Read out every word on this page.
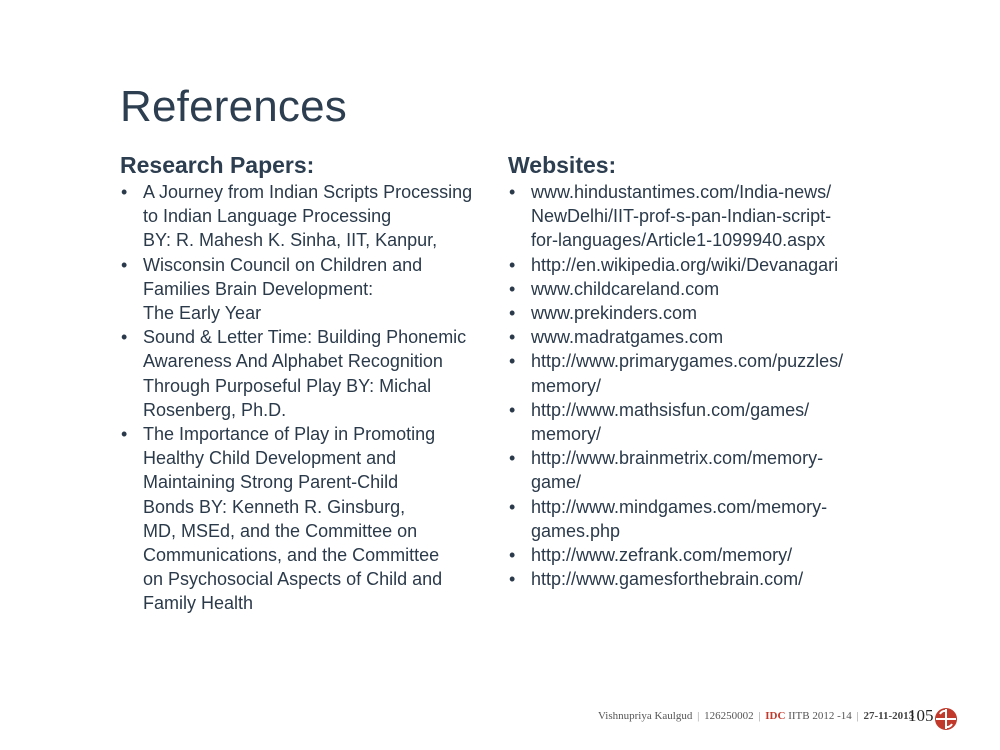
References
Research Papers:
• A Journey from Indian Scripts Processing
to Indian Language Processing
BY: R. Mahesh K. Sinha, IIT, Kanpur,
• Wisconsin Council on Children and
Families Brain Development:
The Early Year
• Sound & Letter Time: Building Phonemic
Awareness And Alphabet Recognition
Through Purposeful Play BY: Michal
Rosenberg, Ph.D.
• The Importance of Play in Promoting
Healthy Child Development and
Maintaining Strong Parent-Child
Bonds BY: Kenneth R. Ginsburg,
MD, MSEd, and the Committee on
Communications, and the Committee
on Psychosocial Aspects of Child and
Family Health
Websites:
• www.hindustantimes.com/India-news/
NewDelhi/IIT-prof-s-pan-Indian-script-
for-languages/Article1-1099940.aspx
• http://en.wikipedia.org/wiki/Devanagari
• www.childcareland.com
• www.prekinders.com
• www.madratgames.com
• http://www.primarygames.com/puzzles/
memory/
• http://www.mathsisfun.com/games/
memory/
• http://www.brainmetrix.com/memory-
game/
• http://www.mindgames.com/memory-
games.php
• http://www.zefrank.com/memory/
• http://www.gamesforthebrain.com/
Vishnupriya Kaulgud | 126250002 | IDC IITB 2012 -14 | 27-11-2013
105
